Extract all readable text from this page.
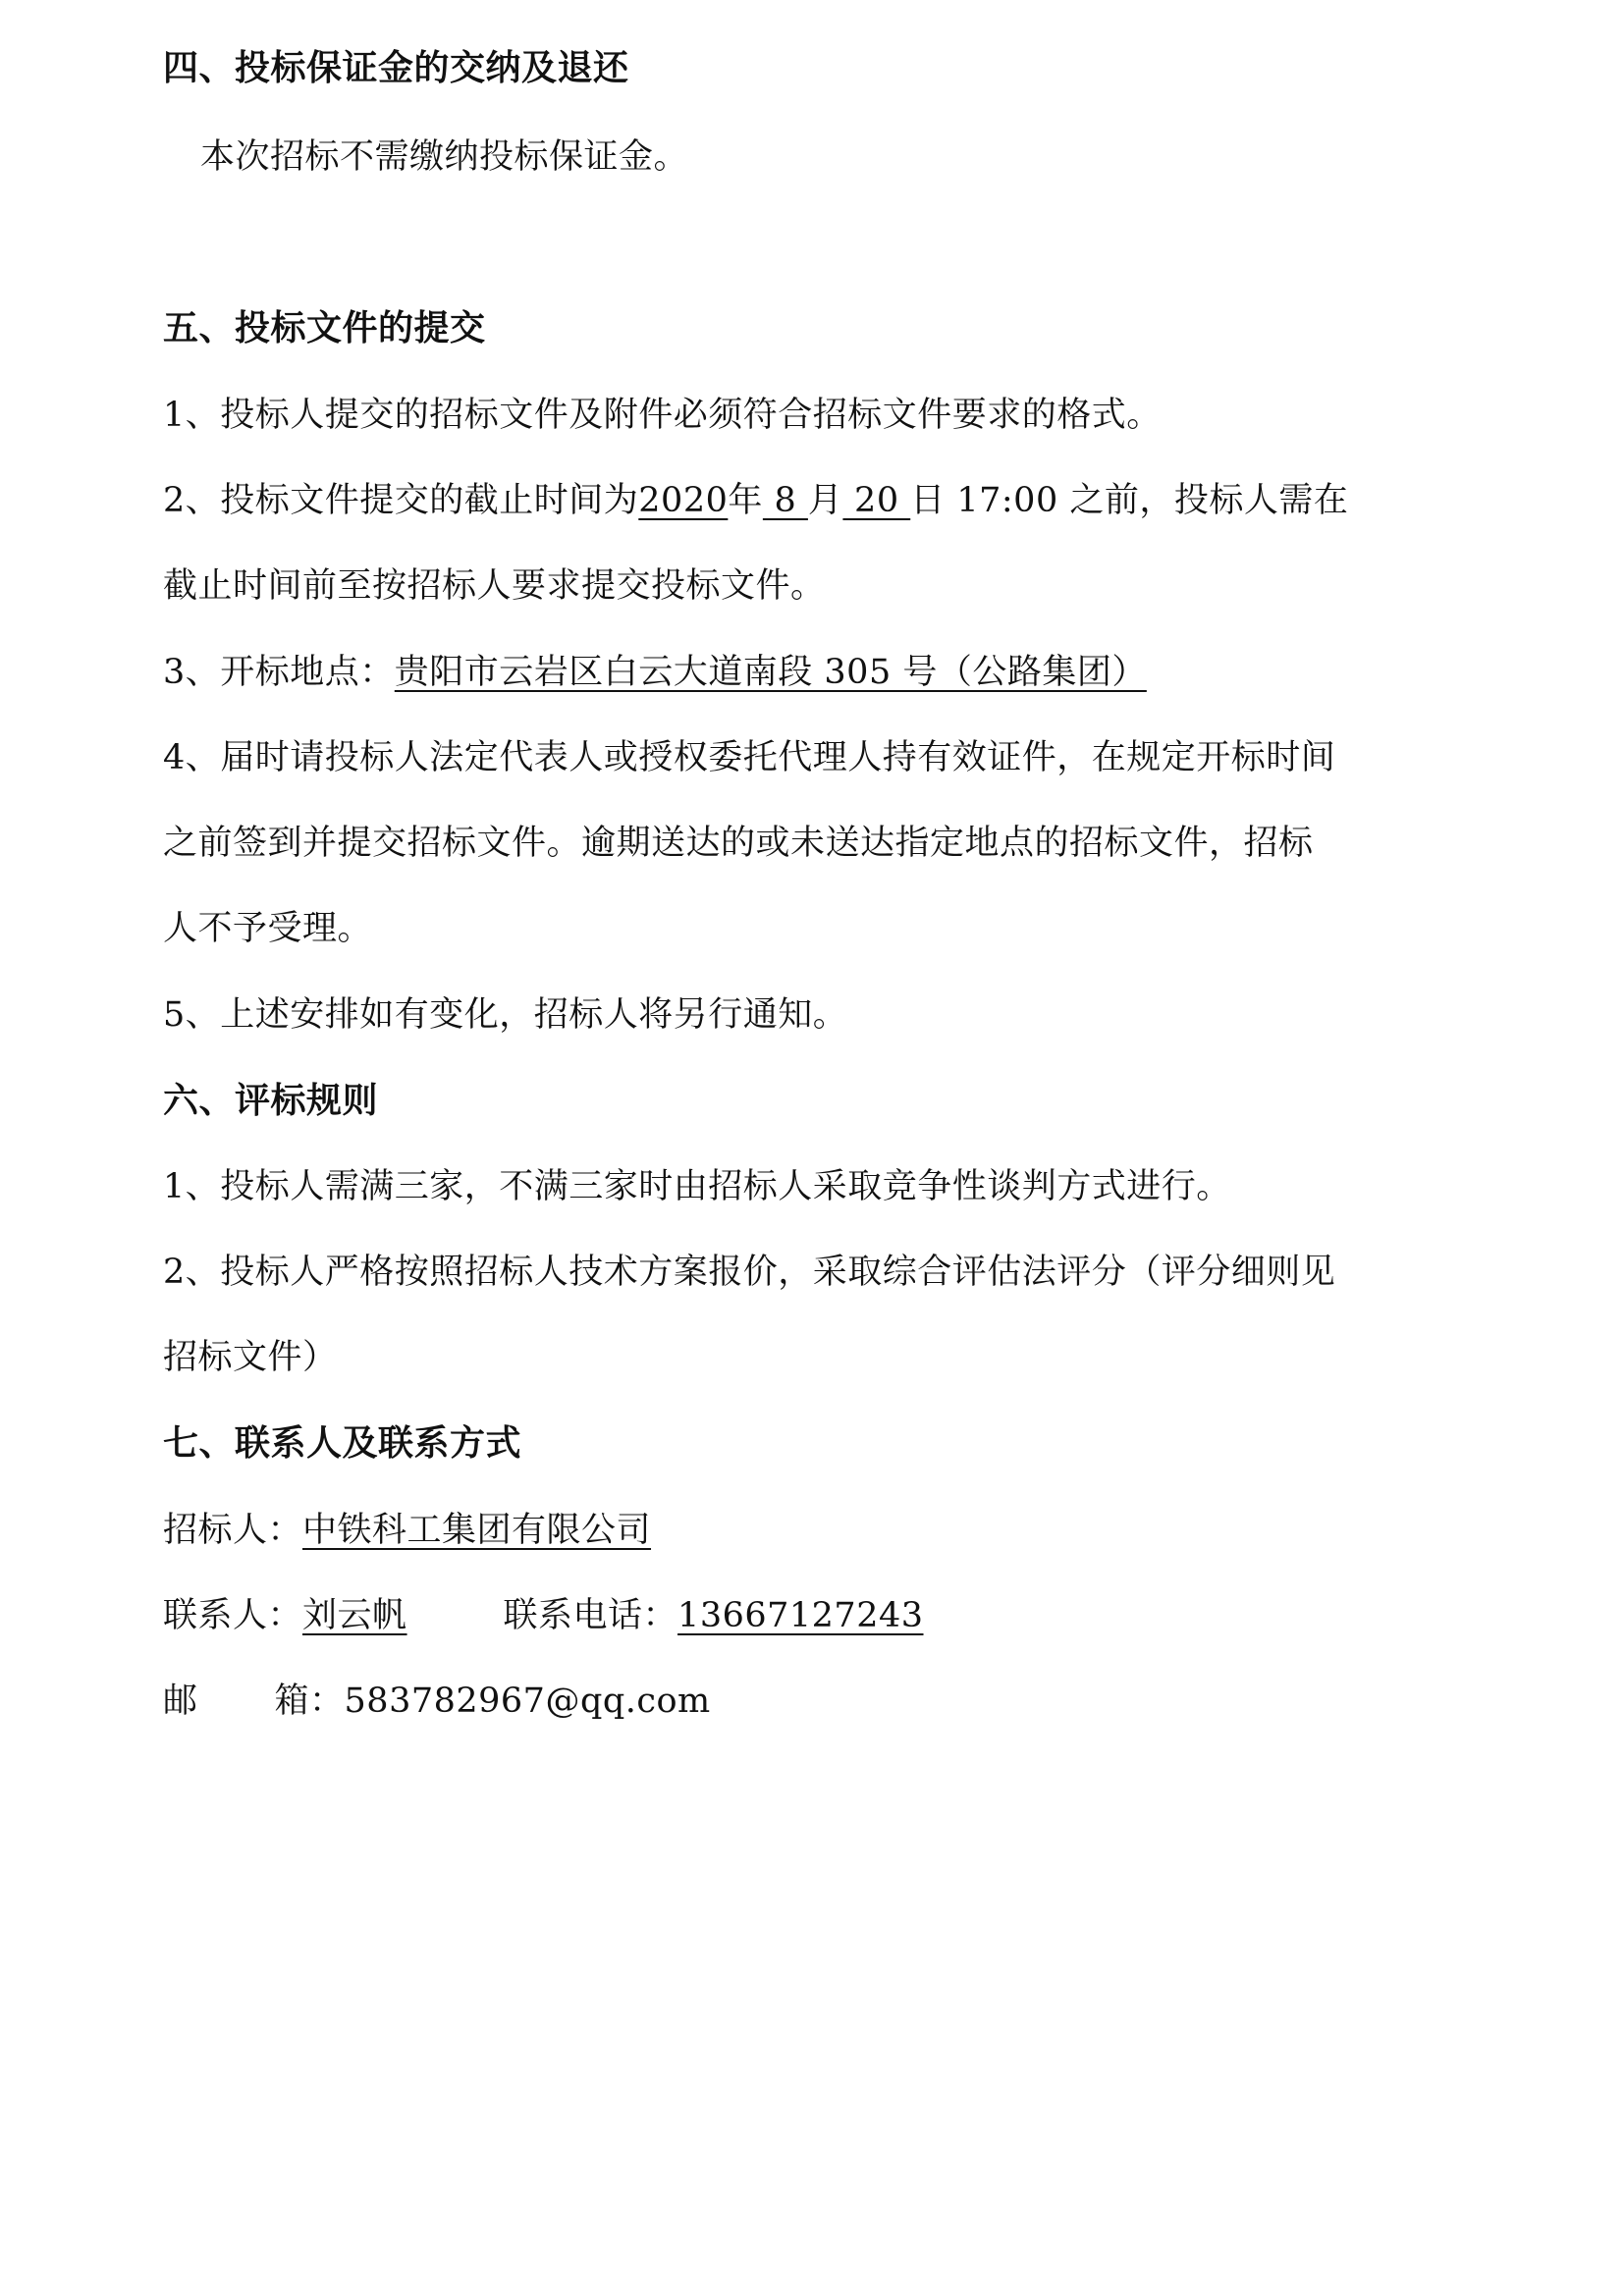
四、投标保证金的交纳及退还
本次招标不需缴纳投标保证金。
五、投标文件的提交
1、投标人提交的招标文件及附件必须符合招标文件要求的格式。
2、投标文件提交的截止时间为2020年 8 月 20 日 17:00 之前，投标人需在
截止时间前至按招标人要求提交投标文件。
3、开标地点：贵阳市云岩区白云大道南段 305 号（公路集团）
4、届时请投标人法定代表人或授权委托代理人持有效证件，在规定开标时间
之前签到并提交招标文件。逾期送达的或未送达指定地点的招标文件，招标
人不予受理。
5、上述安排如有变化，招标人将另行通知。
六、评标规则
1、投标人需满三家，不满三家时由招标人采取竞争性谈判方式进行。
2、投标人严格按照招标人技术方案报价，采取综合评估法评分（评分细则见
招标文件）
七、联系人及联系方式
招标人：中铁科工集团有限公司
联系人：刘云帆	联系电话：13667127243
邮 箱：583782967@qq.com
